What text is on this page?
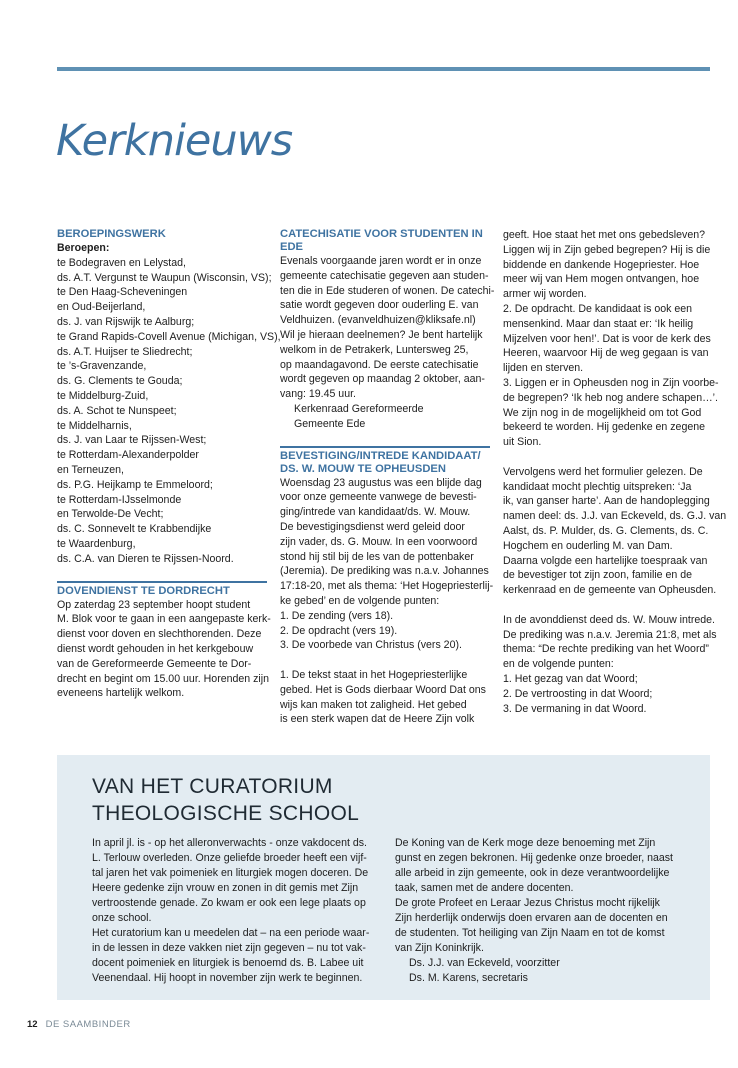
Kerknieuws
BEROEPINGSWERK
Beroepen:
te Bodegraven en Lelystad,
ds. A.T. Vergunst te Waupun (Wisconsin, VS);
te Den Haag-Scheveningen
en Oud-Beijerland,
ds. J. van Rijswijk te Aalburg;
te Grand Rapids-Covell Avenue (Michigan, VS),
ds. A.T. Huijser te Sliedrecht;
te ’s-Gravenzande,
ds. G. Clements te Gouda;
te Middelburg-Zuid,
ds. A. Schot te Nunspeet;
te Middelharnis,
ds. J. van Laar te Rijssen-West;
te Rotterdam-Alexanderpolder
en Terneuzen,
ds. P.G. Heijkamp te Emmeloord;
te Rotterdam-IJsselmonde
en Terwolde-De Vecht;
ds. C. Sonnevelt te Krabbendijke
te Waardenburg,
ds. C.A. van Dieren te Rijssen-Noord.
DOVENDIENST TE DORDRECHT
Op zaterdag 23 september hoopt student
M. Blok voor te gaan in een aangepaste kerk-
dienst voor doven en slechthorenden. Deze
dienst wordt gehouden in het kerkgebouw
van de Gereformeerde Gemeente te Dor-
drecht en begint om 15.00 uur. Horenden zijn
eveneens hartelijk welkom.
CATECHISATIE VOOR STUDENTEN IN EDE
Evenals voorgaande jaren wordt er in onze
gemeente catechisatie gegeven aan studen-
ten die in Ede studeren of wonen. De catechi-
satie wordt gegeven door ouderling E. van
Veldhuizen. (evanveldhuizen@kliksafe.nl)
Wil je hieraan deelnemen? Je bent hartelijk
welkom in de Petrakerk, Luntersweg 25,
op maandagavond. De eerste catechisatie
wordt gegeven op maandag 2 oktober, aan-
vang: 19.45 uur.
Kerkenraad Gereformeerde
Gemeente Ede
BEVESTIGING/INTREDE KANDIDAAT/
DS. W. MOUW TE OPHEUSDEN
Woensdag 23 augustus was een blijde dag
voor onze gemeente vanwege de bevesti-
ging/intrede van kandidaat/ds. W. Mouw.
De bevestigingsdienst werd geleid door
zijn vader, ds. G. Mouw. In een voorwoord
stond hij stil bij de les van de pottenbaker
(Jeremia). De prediking was n.a.v. Johannes
17:18-20, met als thema: ‘Het Hogepriesterlij-
ke gebed’ en de volgende punten:
1. De zending (vers 18).
2. De opdracht (vers 19).
3. De voorbede van Christus (vers 20).
1. De tekst staat in het Hogepriesterlijke
gebed. Het is Gods dierbaar Woord Dat ons
wijs kan maken tot zaligheid. Het gebed
is een sterk wapen dat de Heere Zijn volk
geeft. Hoe staat het met ons gebedsleven?
Liggen wij in Zijn gebed begrepen? Hij is die
biddende en dankende Hogepriester. Hoe
meer wij van Hem mogen ontvangen, hoe
armer wij worden.
2. De opdracht. De kandidaat is ook een
mensenkind. Maar dan staat er: ‘Ik heilig
Mijzelven voor hen!’. Dat is voor de kerk des
Heeren, waarvoor Hij de weg gegaan is van
lijden en sterven.
3. Liggen er in Opheusden nog in Zijn voorbe-
de begrepen? ‘Ik heb nog andere schapen…’.
We zijn nog in de mogelijkheid om tot God
bekeerd te worden. Hij gedenke en zegene
uit Sion.
Vervolgens werd het formulier gelezen. De
kandidaat mocht plechtig uitspreken: ‘Ja
ik, van ganser harte’. Aan de handoplegging
namen deel: ds. J.J. van Eckeveld, ds. G.J. van
Aalst, ds. P. Mulder, ds. G. Clements, ds. C.
Hogchem en ouderling M. van Dam.
Daarna volgde een hartelijke toespraak van
de bevestiger tot zijn zoon, familie en de
kerkenraad en de gemeente van Opheusden.
In de avonddienst deed ds. W. Mouw intrede.
De prediking was n.a.v. Jeremia 21:8, met als
thema: “De rechte prediking van het Woord”
en de volgende punten:
1. Het gezag van dat Woord;
2. De vertroosting in dat Woord;
3. De vermaning in dat Woord.
VAN HET CURATORIUM
THEOLOGISCHE SCHOOL
In april jl. is - op het alleronverwachts - onze vakdocent ds.
L. Terlouw overleden. Onze geliefde broeder heeft een vijf-
tal jaren het vak poimeniek en liturgiek mogen doceren. De
Heere gedenke zijn vrouw en zonen in dit gemis met Zijn
vertroostende genade. Zo kwam er ook een lege plaats op
onze school.
Het curatorium kan u meedelen dat – na een periode waar-
in de lessen in deze vakken niet zijn gegeven – nu tot vak-
docent poimeniek en liturgiek is benoemd ds. B. Labee uit
Veenendaal. Hij hoopt in november zijn werk te beginnen.
De Koning van de Kerk moge deze benoeming met Zijn
gunst en zegen bekronen. Hij gedenke onze broeder, naast
alle arbeid in zijn gemeente, ook in deze verantwoordelijke
taak, samen met de andere docenten.
De grote Profeet en Leraar Jezus Christus mocht rijkelijk
Zijn herderlijk onderwijs doen ervaren aan de docenten en
de studenten. Tot heiliging van Zijn Naam en tot de komst
van Zijn Koninkrijk.
Ds. J.J. van Eckeveld, voorzitter
Ds. M. Karens, secretaris
12 DE SAAMBINDER
